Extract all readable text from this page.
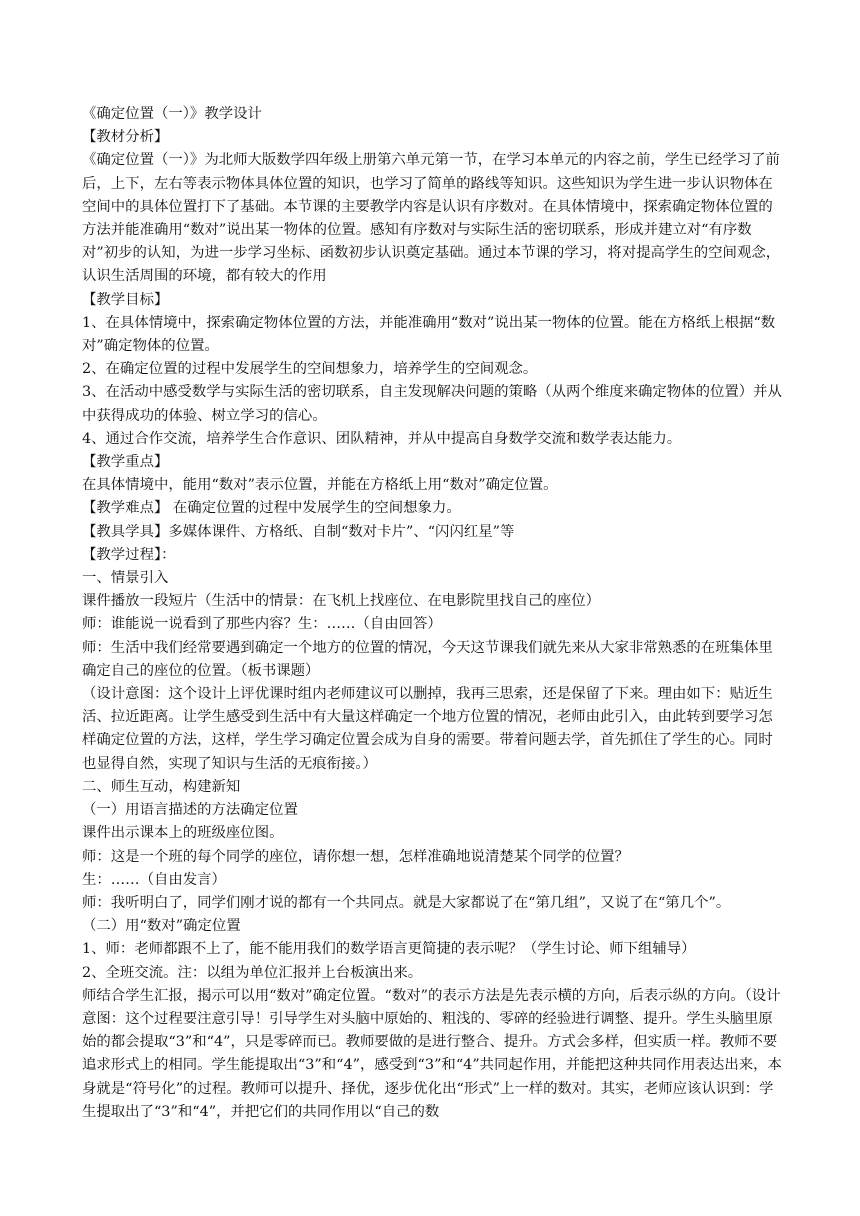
《确定位置（一）》教学设计

【教材分析】

《确定位置（一）》为北师大版数学四年级上册第六单元第一节，在学习本单元的内容之前，学生已经学习了前后，上下，左右等表示物体具体位置的知识，也学习了简单的路线等知识。这些知识为学生进一步认识物体在空间中的具体位置打下了基础。本节课的主要教学内容是认识有序数对。在具体情境中，探索确定物体位置的方法并能准确用“数对”说出某一物体的位置。感知有序数对与实际生活的密切联系，形成并建立对“有序数对”初步的认知，为进一步学习坐标、函数初步认识奠定基础。通过本节课的学习，将对提高学生的空间观念，认识生活周围的环境，都有较大的作用

【教学目标】

1、在具体情境中，探索确定物体位置的方法，并能准确用“数对”说出某一物体的位置。能在方格纸上根据“数对”确定物体的位置。

2、在确定位置的过程中发展学生的空间想象力，培养学生的空间观念。

3、在活动中感受数学与实际生活的密切联系，自主发现解决问题的策略（从两个维度来确定物体的位置）并从中获得成功的体验、树立学习的信心。

4、通过合作交流，培养学生合作意识、团队精神，并从中提高自身数学交流和数学表达能力。

【教学重点】

在具体情境中，能用“数对”表示位置，并能在方格纸上用“数对”确定位置。

【教学难点】 在确定位置的过程中发展学生的空间想象力。

【教具学具】多媒体课件、方格纸、自制“数对卡片”、“闪闪红星”等

【教学过程】：

一、情景引入

课件播放一段短片（生活中的情景：在飞机上找座位、在电影院里找自己的座位）

师：谁能说一说看到了那些内容？生：……（自由回答）

师：生活中我们经常要遇到确定一个地方的位置的情况，今天这节课我们就先来从大家非常熟悉的在班集体里确定自己的座位的位置。（板书课题）

（设计意图：这个设计上评优课时组内老师建议可以删掉，我再三思索，还是保留了下来。理由如下：贴近生活、拉近距离。让学生感受到生活中有大量这样确定一个地方位置的情况，老师由此引入，由此转到要学习怎样确定位置的方法，这样，学生学习确定位置会成为自身的需要。带着问题去学，首先抓住了学生的心。同时也显得自然，实现了知识与生活的无痕衔接。）

二、师生互动，构建新知

（一）用语言描述的方法确定位置

课件出示课本上的班级座位图。

师：这是一个班的每个同学的座位，请你想一想，怎样准确地说清楚某个同学的位置？

生：……（自由发言）

师：我听明白了，同学们刚才说的都有一个共同点。就是大家都说了在“第几组”，又说了在“第几个”。

（二）用“数对”确定位置

1、师：老师都跟不上了，能不能用我们的数学语言更简捷的表示呢？（学生讨论、师下组辅导）

2、全班交流。注：以组为单位汇报并上台板演出来。

师结合学生汇报，揭示可以用“数对”确定位置。“数对”的表示方法是先表示横的方向，后表示纵的方向。（设计意图：这个过程要注意引导！引导学生对头脑中原始的、粗浅的、零碎的经验进行调整、提升。学生头脑里原始的都会提取“3”和“4”，只是零碎而已。教师要做的是进行整合、提升。方式会多样，但实质一样。教师不要追求形式上的相同。学生能提取出“3”和“4”，感受到“3”和“4”共同起作用，并能把这种共同作用表达出来，本身就是“符号化”的过程。教师可以提升、择优，逐步优化出“形式”上一样的数对。其实，老师应该认识到：学生提取出了“3”和“4”，并把它们的共同作用以“自己的数
